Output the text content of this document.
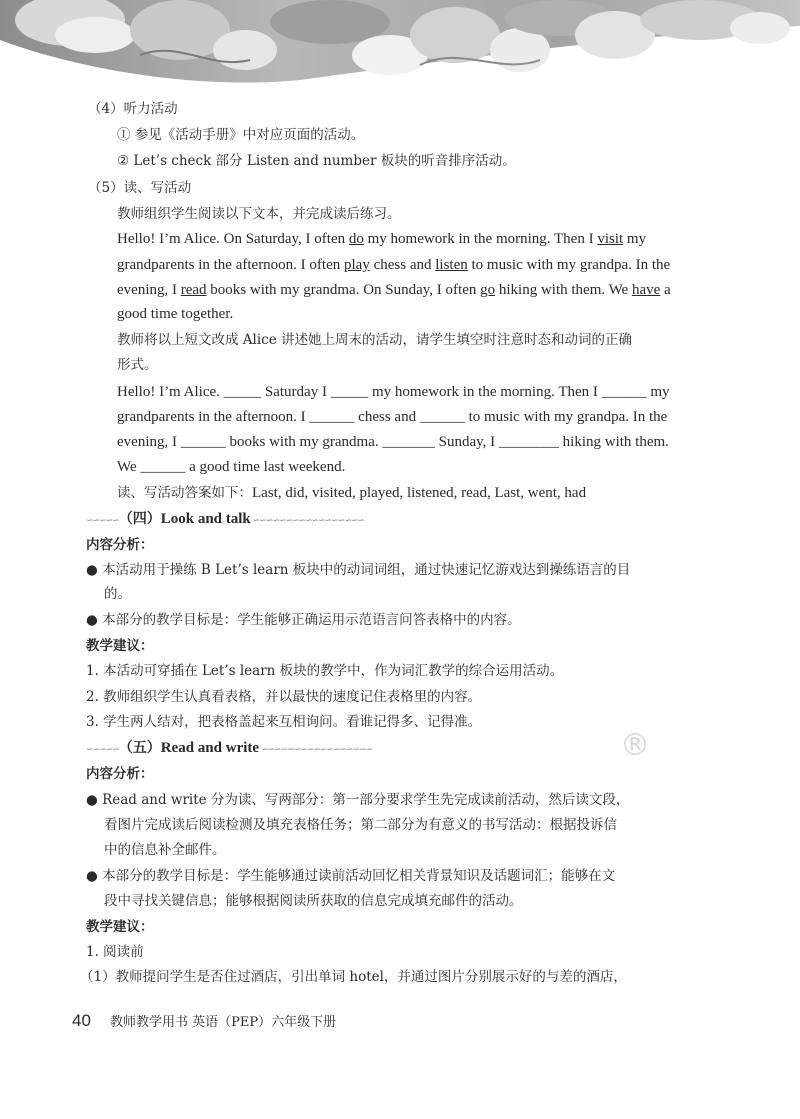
（4）听力活动
① 参见《活动手册》中对应页面的活动。
② Let’s check 部分 Listen and number 板块的听音排序活动。
（5）读、写活动
教师组织学生阅读以下文本，并完成读后练习。
Hello! I’m Alice. On Saturday, I often do my homework in the morning. Then I visit my
grandparents in the afternoon. I often play chess and listen to music with my grandpa. In the
evening, I read books with my grandma. On Sunday, I often go hiking with them. We have a
good time together.
教师将以上短文改成 Alice 讲述她上周末的活动，请学生填空时注意时态和动词的正确
形式。
Hello! I’m Alice. _____ Saturday I _____ my homework in the morning. Then I ______ my
grandparents in the afternoon. I ______ chess and ______ to music with my grandpa. In the
evening, I ______ books with my grandma. _______ Sunday, I ________ hiking with them.
We ______ a good time last weekend.
读、写活动答案如下：Last, did, visited, played, listened, read, Last, went, had
∽∽∽∽∽（四）Look and talk ∽∽∽∽∽∽∽∽∽∽∽∽∽∽∽∽∽
内容分析：
● 本活动用于操练 B Let’s learn 板块中的动词词组，通过快速记忆游戏达到操练语言的目
的。
● 本部分的教学目标是：学生能够正确运用示范语言问答表格中的内容。
教学建议：
1. 本活动可穿插在 Let’s learn 板块的教学中，作为词汇教学的综合运用活动。
2. 教师组织学生认真看表格，并以最快的速度记住表格里的内容。
3. 学生两人结对，把表格盖起来互相询问。看谁记得多、记得准。
∽∽∽∽∽（五）Read and write ∽∽∽∽∽∽∽∽∽∽∽∽∽∽∽∽∽
内容分析：
● Read and write 分为读、写两部分：第一部分要求学生先完成读前活动，然后读文段，
看图片完成读后阅读检测及填充表格任务；第二部分为有意义的书写活动：根据投诉信
中的信息补全邮件。
● 本部分的教学目标是：学生能够通过读前活动回忆相关背景知识及话题词汇；能够在文
段中寻找关键信息；能够根据阅读所获取的信息完成填充邮件的活动。
教学建议：
1. 阅读前
（1）教师提问学生是否住过酒店，引出单词 hotel，并通过图片分别展示好的与差的酒店，
®
40 教师教学用书 英语（PEP）六年级下册
